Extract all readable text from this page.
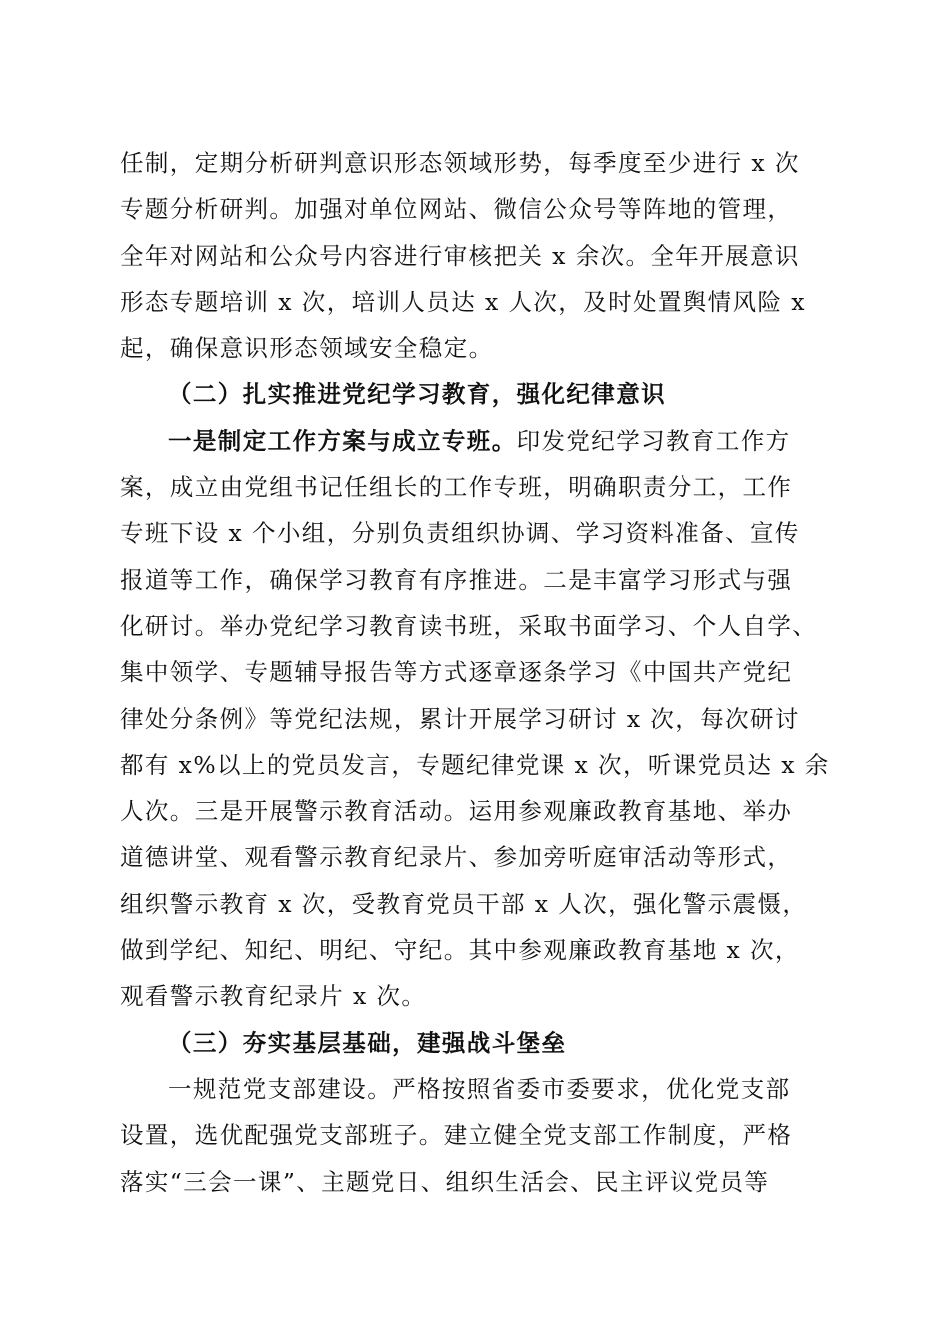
任制，定期分析研判意识形态领域形势，每季度至少进行 x 次
专题分析研判。加强对单位网站、微信公众号等阵地的管理，
全年对网站和公众号内容进行审核把关 x 余次。全年开展意识
形态专题培训 x 次，培训人员达 x 人次，及时处置舆情风险 x
起，确保意识形态领域安全稳定。
（二）扎实推进党纪学习教育，强化纪律意识
一是制定工作方案与成立专班。印发党纪学习教育工作方
案，成立由党组书记任组长的工作专班，明确职责分工，工作
专班下设 x 个小组，分别负责组织协调、学习资料准备、宣传
报道等工作，确保学习教育有序推进。二是丰富学习形式与强
化研讨。举办党纪学习教育读书班，采取书面学习、个人自学、
集中领学、专题辅导报告等方式逐章逐条学习《中国共产党纪
律处分条例》等党纪法规，累计开展学习研讨 x 次，每次研讨
都有 x%以上的党员发言，专题纪律党课 x 次，听课党员达 x 余
人次。三是开展警示教育活动。运用参观廉政教育基地、举办
道德讲堂、观看警示教育纪录片、参加旁听庭审活动等形式，
组织警示教育 x 次，受教育党员干部 x 人次，强化警示震慑，
做到学纪、知纪、明纪、守纪。其中参观廉政教育基地 x 次，
观看警示教育纪录片 x 次。
（三）夯实基层基础，建强战斗堡垒
一规范党支部建设。严格按照省委市委要求，优化党支部
设置，选优配强党支部班子。建立健全党支部工作制度，严格
落实“三会一课”、主题党日、组织生活会、民主评议党员等
